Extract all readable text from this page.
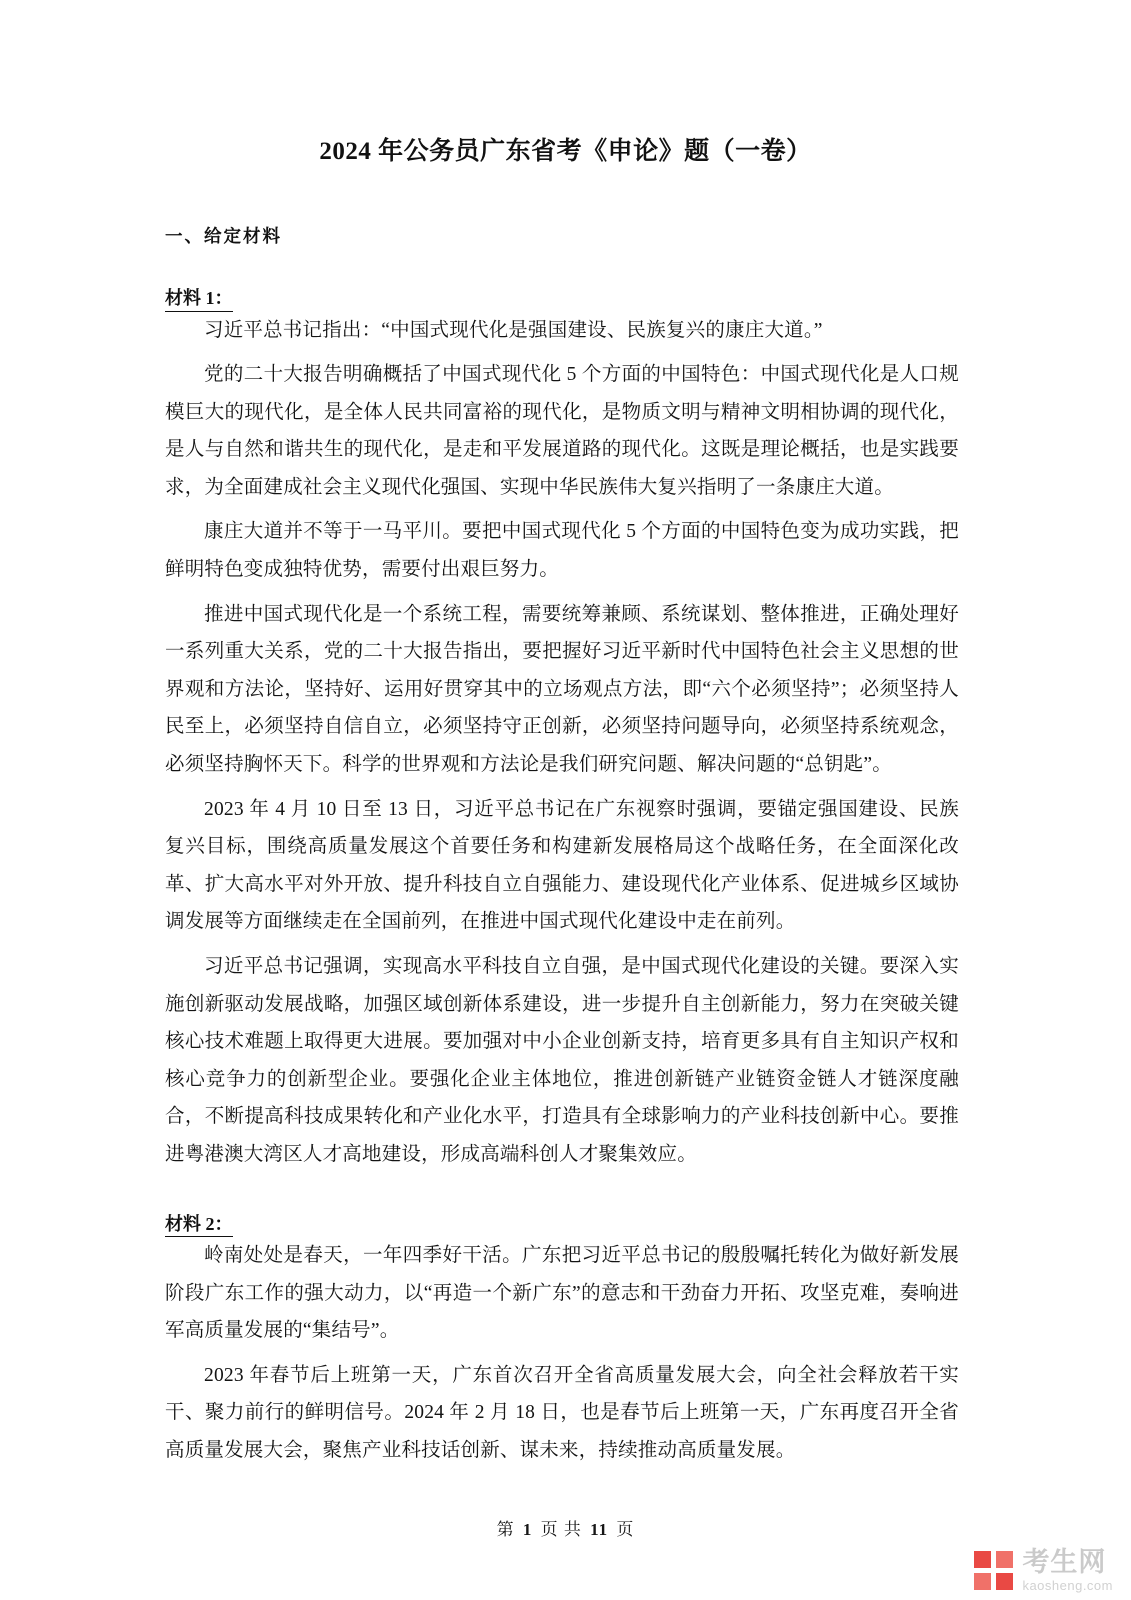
2024 年公务员广东省考《申论》题（一卷）
一、给定材料
材料 1：

习近平总书记指出：“中国式现代化是强国建设、民族复兴的康庄大道。”

党的二十大报告明确概括了中国式现代化 5 个方面的中国特色：中国式现代化是人口规模巨大的现代化，是全体人民共同富裕的现代化，是物质文明与精神文明相协调的现代化，是人与自然和谐共生的现代化，是走和平发展道路的现代化。这既是理论概括，也是实践要求，为全面建成社会主义现代化强国、实现中华民族伟大复兴指明了一条康庄大道。

康庄大道并不等于一马平川。要把中国式现代化 5 个方面的中国特色变为成功实践，把鲜明特色变成独特优势，需要付出艰巨努力。

推进中国式现代化是一个系统工程，需要统筹兼顾、系统谋划、整体推进，正确处理好一系列重大关系，党的二十大报告指出，要把握好习近平新时代中国特色社会主义思想的世界观和方法论，坚持好、运用好贯穿其中的立场观点方法，即“六个必须坚持”；必须坚持人民至上，必须坚持自信自立，必须坚持守正创新，必须坚持问题导向，必须坚持系统观念，必须坚持胸怀天下。科学的世界观和方法论是我们研究问题、解决问题的“总钥匙”。

2023 年 4 月 10 日至 13 日，习近平总书记在广东视察时强调，要锚定强国建设、民族复兴目标，围绕高质量发展这个首要任务和构建新发展格局这个战略任务，在全面深化改革、扩大高水平对外开放、提升科技自立自强能力、建设现代化产业体系、促进城乡区域协调发展等方面继续走在全国前列，在推进中国式现代化建设中走在前列。

习近平总书记强调，实现高水平科技自立自强，是中国式现代化建设的关键。要深入实施创新驱动发展战略，加强区域创新体系建设，进一步提升自主创新能力，努力在突破关键核心技术难题上取得更大进展。要加强对中小企业创新支持，培育更多具有自主知识产权和核心竞争力的创新型企业。要强化企业主体地位，推进创新链产业链资金链人才链深度融合，不断提高科技成果转化和产业化水平，打造具有全球影响力的产业科技创新中心。要推进粤港澳大湾区人才高地建设，形成高端科创人才聚集效应。

材料 2：

岭南处处是春天，一年四季好干活。广东把习近平总书记的殷殷嘱托转化为做好新发展阶段广东工作的强大动力，以“再造一个新广东”的意志和干劲奋力开拓、攻坚克难，奏响进军高质量发展的“集结号”。

2023 年春节后上班第一天，广东首次召开全省高质量发展大会，向全社会释放若干实干、聚力前行的鲜明信号。2024 年 2 月 18 日，也是春节后上班第一天，广东再度召开全省高质量发展大会，聚焦产业科技话创新、谋未来，持续推动高质量发展。

第 1 页 共 11 页
考生网
kaosheng.com
